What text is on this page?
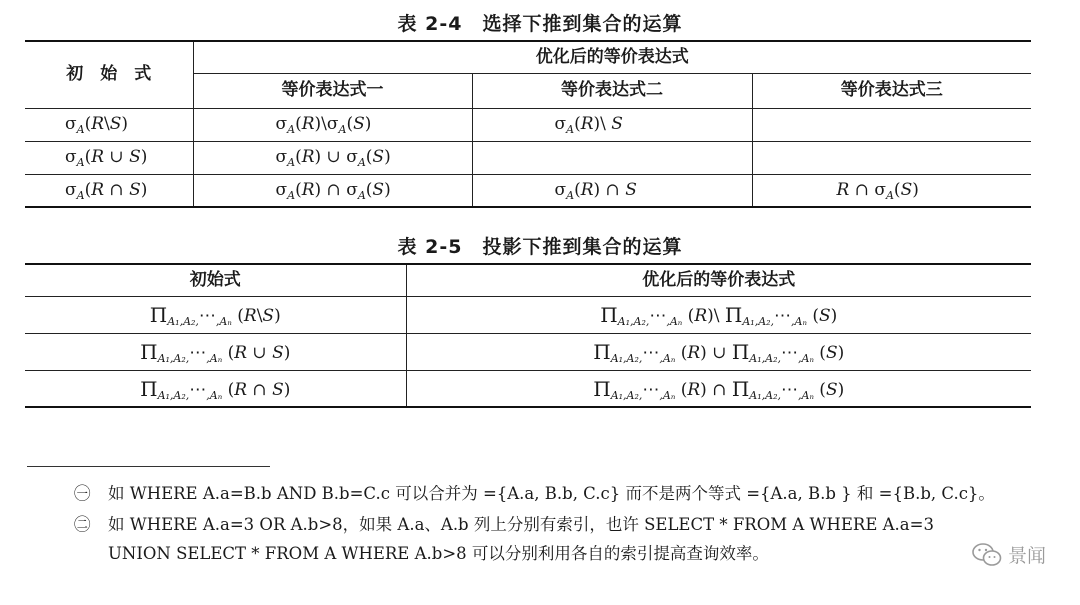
表 2-4 选择下推到集合的运算
初　始　式	优化后的等价表达式		
	等价表达式一	等价表达式二	等价表达式三
$\sigma_A(R\backslash S)$	$\sigma_A(R)\backslash\sigma_A(S)$	$\sigma_A(R)\backslash$ S	
$\sigma_A(R$ ∪ S)	$\sigma_A(R)$ ∪ $\sigma_A(S)$		
$\sigma_A(R$ ∩ S)	$\sigma_A(R)$ ∩ $\sigma_A(S)$	$\sigma_A(R)$ ∩ S	R ∩ $\sigma_A(S)$
表 2-5 投影下推到集合的运算
初始式	优化后的等价表达式
$\Pi_{A_1,A_2,}\cdots_{,A_n}$ (R\S)	$\Pi_{A_1,A_2,}\cdots_{,A_n}$ (R)\ $\Pi_{A_1,A_2,}\cdots_{,A_n}$ (S)
$\Pi_{A_1,A_2,}\cdots_{,A_n}$ (R ∪ S)	$\Pi_{A_1,A_2,}\cdots_{,A_n}$ (R) ∪ $\Pi_{A_1,A_2,}\cdots_{,A_n}$ (S)
$\Pi_{A_1,A_2,}\cdots_{,A_n}$ (R ∩ S)	$\Pi_{A_1,A_2,}\cdots_{,A_n}$ (R) ∩ $\Pi_{A_1,A_2,}\cdots_{,A_n}$ (S)
㊀ 如 WHERE A.a=B.b AND B.b=C.c 可以合并为 ={A.a, B.b, C.c} 而不是两个等式 ={A.a, B.b } 和 ={B.b, C.c}。
㊁ 如 WHERE A.a=3 OR A.b>8，如果 A.a、A.b 列上分别有索引，也许 SELECT * FROM A WHERE A.a=3
UNION SELECT * FROM A WHERE A.b>8 可以分别利用各自的索引提高查询效率。	景闻
